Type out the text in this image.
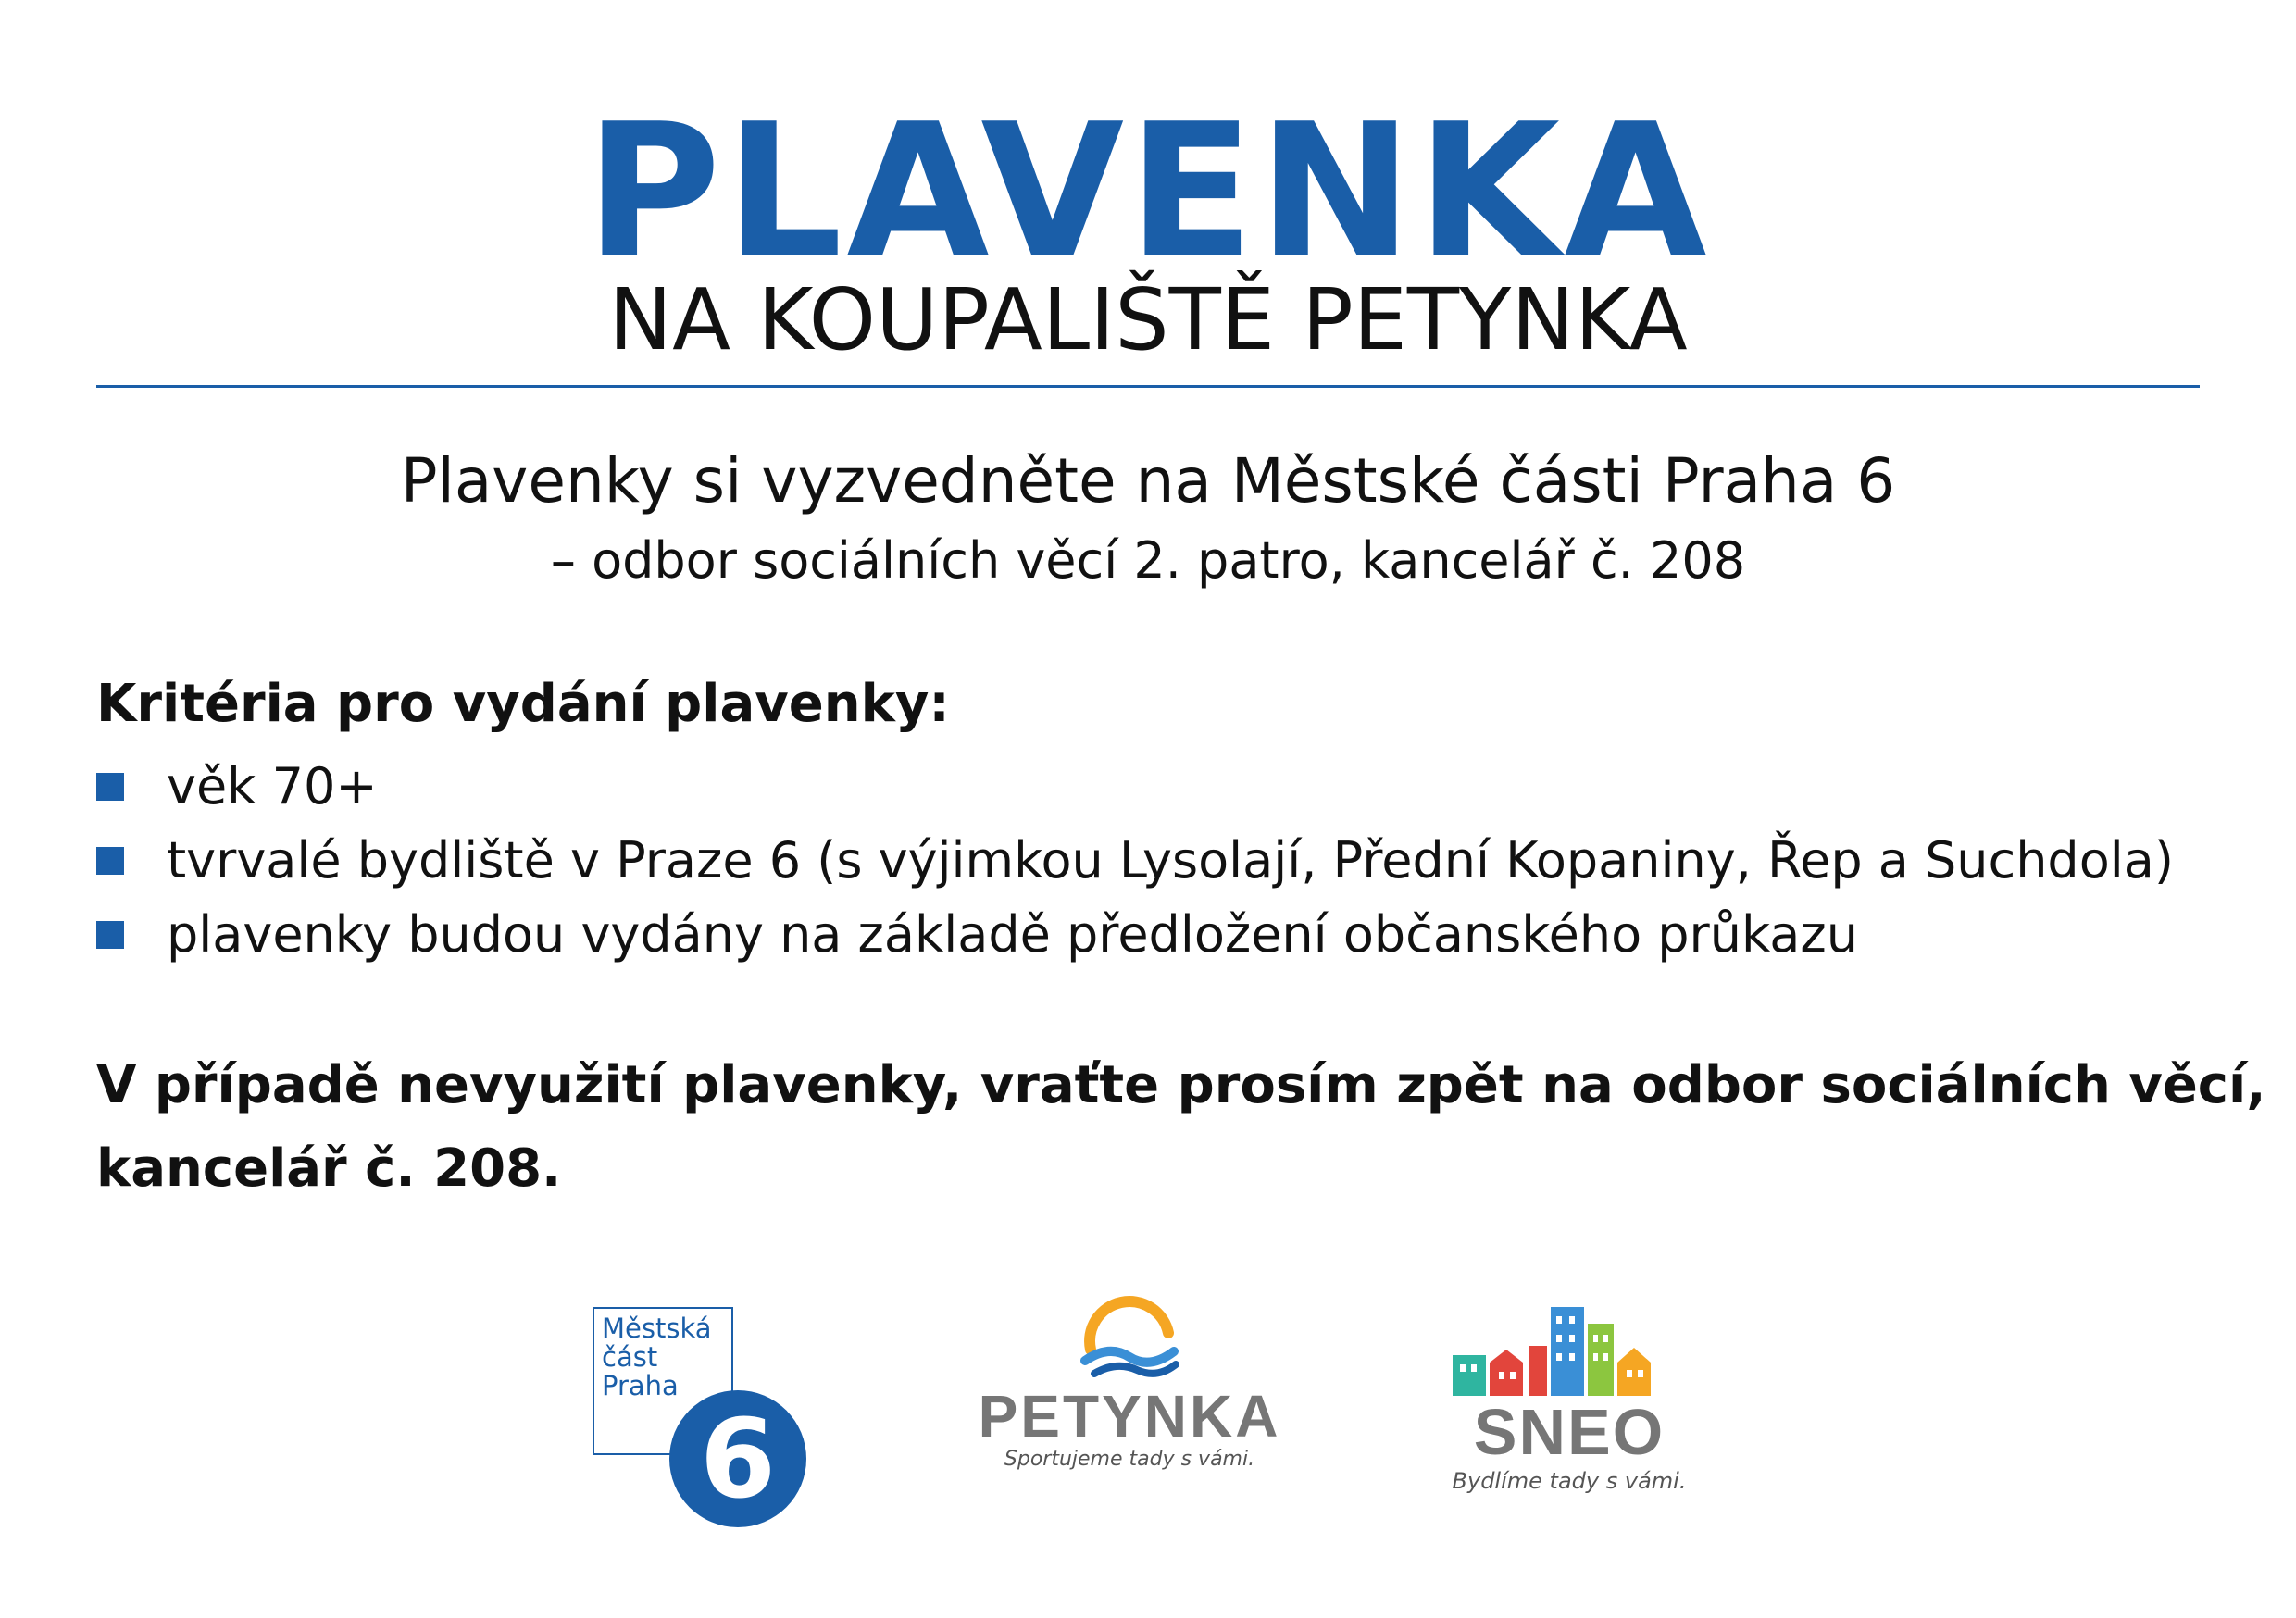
PLAVENKA
NA KOUPALIŠTĚ PETYNKA
Plavenky si vyzvedněte na Městské části Praha 6
– odbor sociálních věcí 2. patro, kancelář č. 208
Kritéria pro vydání plavenky:
věk 70+
tvrvalé bydliště v Praze 6 (s výjimkou Lysolají, Přední Kopaniny, Řep a Suchdola)
plavenky budou vydány na základě předložení občanského průkazu
V případě nevyužití plavenky, vraťte prosím zpět na odbor sociálních věcí,
kancelář č. 208.
Městská
část
Praha
6	PETYNKA
Sportujeme tady s vámi.	SNEO
Bydlíme tady s vámi.
